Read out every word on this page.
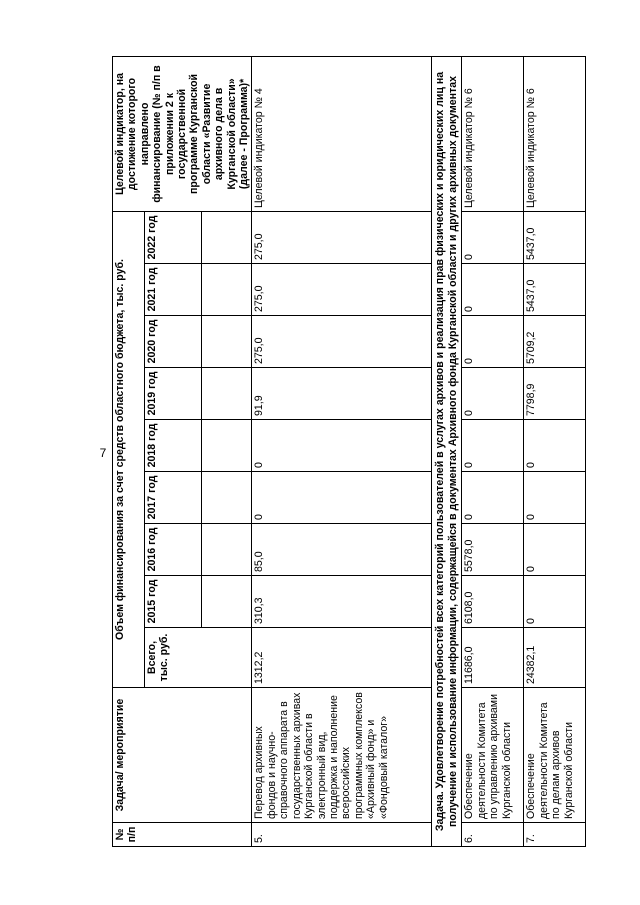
7
№ п/п	Задача/ мероприятие	Объем финансирования за счет средств областного бюджета, тыс. руб.									Целевой индикатор, на достижение которого направлено финансирование (№ п/п в приложении 2 к государственной программе Курганской области «Развитие архивного дела в Курганской области» (далее - Программа)*
		Всего, тыс. руб.	2015 год	2016 год	2017 год	2018 год	2019 год	2020 год	2021 год	2022 год	

5.	Перевод архивных фондов и научно-справочного аппарата в государственных архивах Курганской области в электронный вид, поддержка и наполнение всероссийских программных комплексов «Архивный фонд» и «Фондовый каталог»	1312,2	310,3	85,0	0	0	91,9	275,0	275,0	275,0	Целевой индикатор № 4
Задача. Удовлетворение потребностей всех категорий пользователей в услугах архивов и реализация прав физических и юридических лиц на получение и использование информации, содержащейся в документах Архивного фонда Курганской области и других архивных документах											
6.	Обеспечение деятельности Комитета по управлению архивами Курганской области	11686,0	6108,0	5578,0	0	0	0	0	0	0	Целевой индикатор № 6
7.	Обеспечение деятельности Комитета по делам архивов Курганской области	24382,1	0	0	0	0	7798,9	5709,2	5437,0	5437,0	Целевой индикатор № 6
